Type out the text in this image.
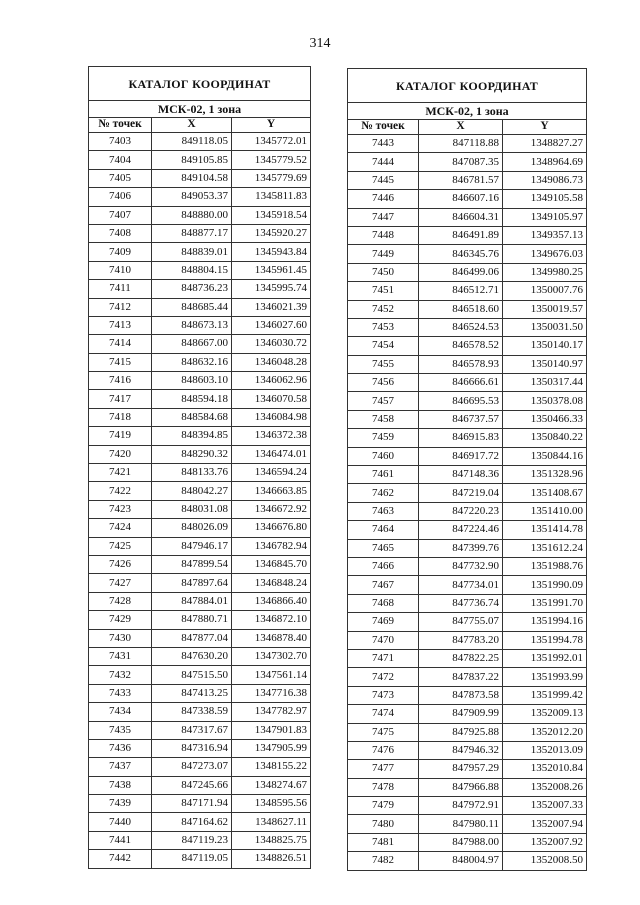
314
КАТАЛОГ КООРДИНАТ		
МСК-02, 1 зона		
№ точек	X	Y
7403	849118.05	1345772.01
7404	849105.85	1345779.52
7405	849104.58	1345779.69
7406	849053.37	1345811.83
7407	848880.00	1345918.54
7408	848877.17	1345920.27
7409	848839.01	1345943.84
7410	848804.15	1345961.45
7411	848736.23	1345995.74
7412	848685.44	1346021.39
7413	848673.13	1346027.60
7414	848667.00	1346030.72
7415	848632.16	1346048.28
7416	848603.10	1346062.96
7417	848594.18	1346070.58
7418	848584.68	1346084.98
7419	848394.85	1346372.38
7420	848290.32	1346474.01
7421	848133.76	1346594.24
7422	848042.27	1346663.85
7423	848031.08	1346672.92
7424	848026.09	1346676.80
7425	847946.17	1346782.94
7426	847899.54	1346845.70
7427	847897.64	1346848.24
7428	847884.01	1346866.40
7429	847880.71	1346872.10
7430	847877.04	1346878.40
7431	847630.20	1347302.70
7432	847515.50	1347561.14
7433	847413.25	1347716.38
7434	847338.59	1347782.97
7435	847317.67	1347901.83
7436	847316.94	1347905.99
7437	847273.07	1348155.22
7438	847245.66	1348274.67
7439	847171.94	1348595.56
7440	847164.62	1348627.11
7441	847119.23	1348825.75
7442	847119.05	1348826.51
КАТАЛОГ КООРДИНАТ		
МСК-02, 1 зона		
№ точек	X	Y
7443	847118.88	1348827.27
7444	847087.35	1348964.69
7445	846781.57	1349086.73
7446	846607.16	1349105.58
7447	846604.31	1349105.97
7448	846491.89	1349357.13
7449	846345.76	1349676.03
7450	846499.06	1349980.25
7451	846512.71	1350007.76
7452	846518.60	1350019.57
7453	846524.53	1350031.50
7454	846578.52	1350140.17
7455	846578.93	1350140.97
7456	846666.61	1350317.44
7457	846695.53	1350378.08
7458	846737.57	1350466.33
7459	846915.83	1350840.22
7460	846917.72	1350844.16
7461	847148.36	1351328.96
7462	847219.04	1351408.67
7463	847220.23	1351410.00
7464	847224.46	1351414.78
7465	847399.76	1351612.24
7466	847732.90	1351988.76
7467	847734.01	1351990.09
7468	847736.74	1351991.70
7469	847755.07	1351994.16
7470	847783.20	1351994.78
7471	847822.25	1351992.01
7472	847837.22	1351993.99
7473	847873.58	1351999.42
7474	847909.99	1352009.13
7475	847925.88	1352012.20
7476	847946.32	1352013.09
7477	847957.29	1352010.84
7478	847966.88	1352008.26
7479	847972.91	1352007.33
7480	847980.11	1352007.94
7481	847988.00	1352007.92
7482	848004.97	1352008.50
